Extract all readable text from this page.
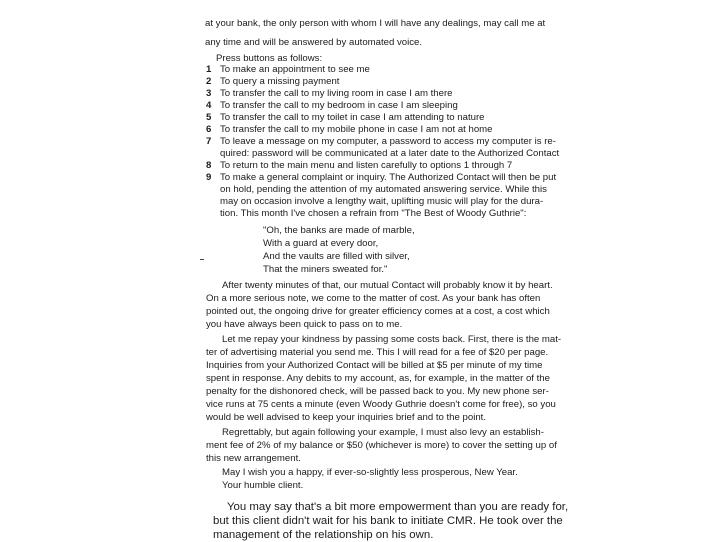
at your bank, the only person with whom I will have any dealings, may call me at
any time and will be answered by automated voice.
Press buttons as follows:
1 To make an appointment to see me
2 To query a missing payment
3 To transfer the call to my living room in case I am there
4 To transfer the call to my bedroom in case I am sleeping
5 To transfer the call to my toilet in case I am attending to nature
6 To transfer the call to my mobile phone in case I am not at home
7 To leave a message on my computer, a password to access my computer is re-
quired: password will be communicated at a later date to the Authorized Contact
8 To return to the main menu and listen carefully to options 1 through 7
9 To make a general complaint or inquiry. The Authorized Contact will then be put
on hold, pending the attention of my automated answering service. While this
may on occasion involve a lengthy wait, uplifting music will play for the dura-
tion. This month I've chosen a refrain from "The Best of Woody Guthrie":
"Oh, the banks are made of marble,
With a guard at every door,
And the vaults are filled with silver,
That the miners sweated for."
After twenty minutes of that, our mutual Contact will probably know it by heart.
On a more serious note, we come to the matter of cost. As your bank has often
pointed out, the ongoing drive for greater efficiency comes at a cost, a cost which
you have always been quick to pass on to me.
Let me repay your kindness by passing some costs back. First, there is the mat-
ter of advertising material you send me. This I will read for a fee of $20 per page.
Inquiries from your Authorized Contact will be billed at $5 per minute of my time
spent in response. Any debits to my account, as, for example, in the matter of the
penalty for the dishonored check, will be passed back to you. My new phone ser-
vice runs at 75 cents a minute (even Woody Guthrie doesn't come for free), so you
would be well advised to keep your inquiries brief and to the point.
Regrettably, but again following your example, I must also levy an establish-
ment fee of 2% of my balance or $50 (whichever is more) to cover the setting up of
this new arrangement.
May I wish you a happy, if ever-so-slightly less prosperous, New Year.
Your humble client.
You may say that's a bit more empowerment than you are ready for,
but this client didn't wait for his bank to initiate CMR. He took over the
management of the relationship on his own.
